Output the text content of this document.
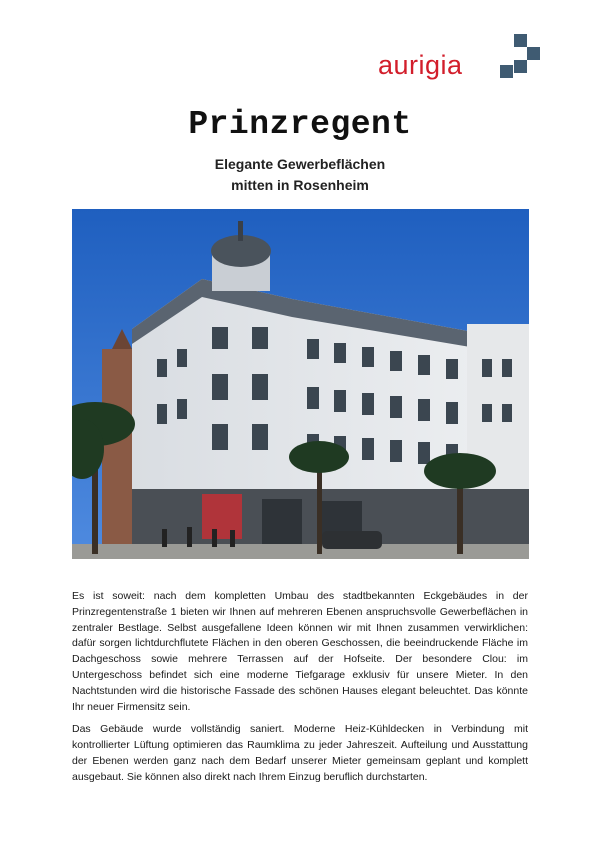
aurigia
Prinzregent
Elegante Gewerbeflächen
mitten in Rosenheim

Es ist soweit: nach dem kompletten Umbau des stadtbekannten Eckgebäudes in der Prinzregentenstraße 1 bieten wir Ihnen auf mehreren Ebenen anspruchsvolle Gewerbeflächen in zentraler Bestlage. Selbst ausgefallene Ideen können wir mit Ihnen zusammen verwirklichen: dafür sorgen lichtdurchflutete Flächen in den oberen Geschossen, die beeindruckende Fläche im Dachgeschoss sowie mehrere Terrassen auf der Hofseite. Der besondere Clou: im Untergeschoss befindet sich eine moderne Tiefgarage exklusiv für unsere Mieter. In den Nachtstunden wird die historische Fassade des schönen Hauses elegant beleuchtet. Das könnte Ihr neuer Firmensitz sein.

Das Gebäude wurde vollständig saniert. Moderne Heiz-Kühldecken in Verbindung mit kontrollierter Lüftung optimieren das Raumklima zu jeder Jahreszeit. Aufteilung und Ausstattung der Ebenen werden ganz nach dem Bedarf unserer Mieter gemeinsam geplant und komplett ausgebaut. Sie können also direkt nach Ihrem Einzug beruflich durchstarten.
